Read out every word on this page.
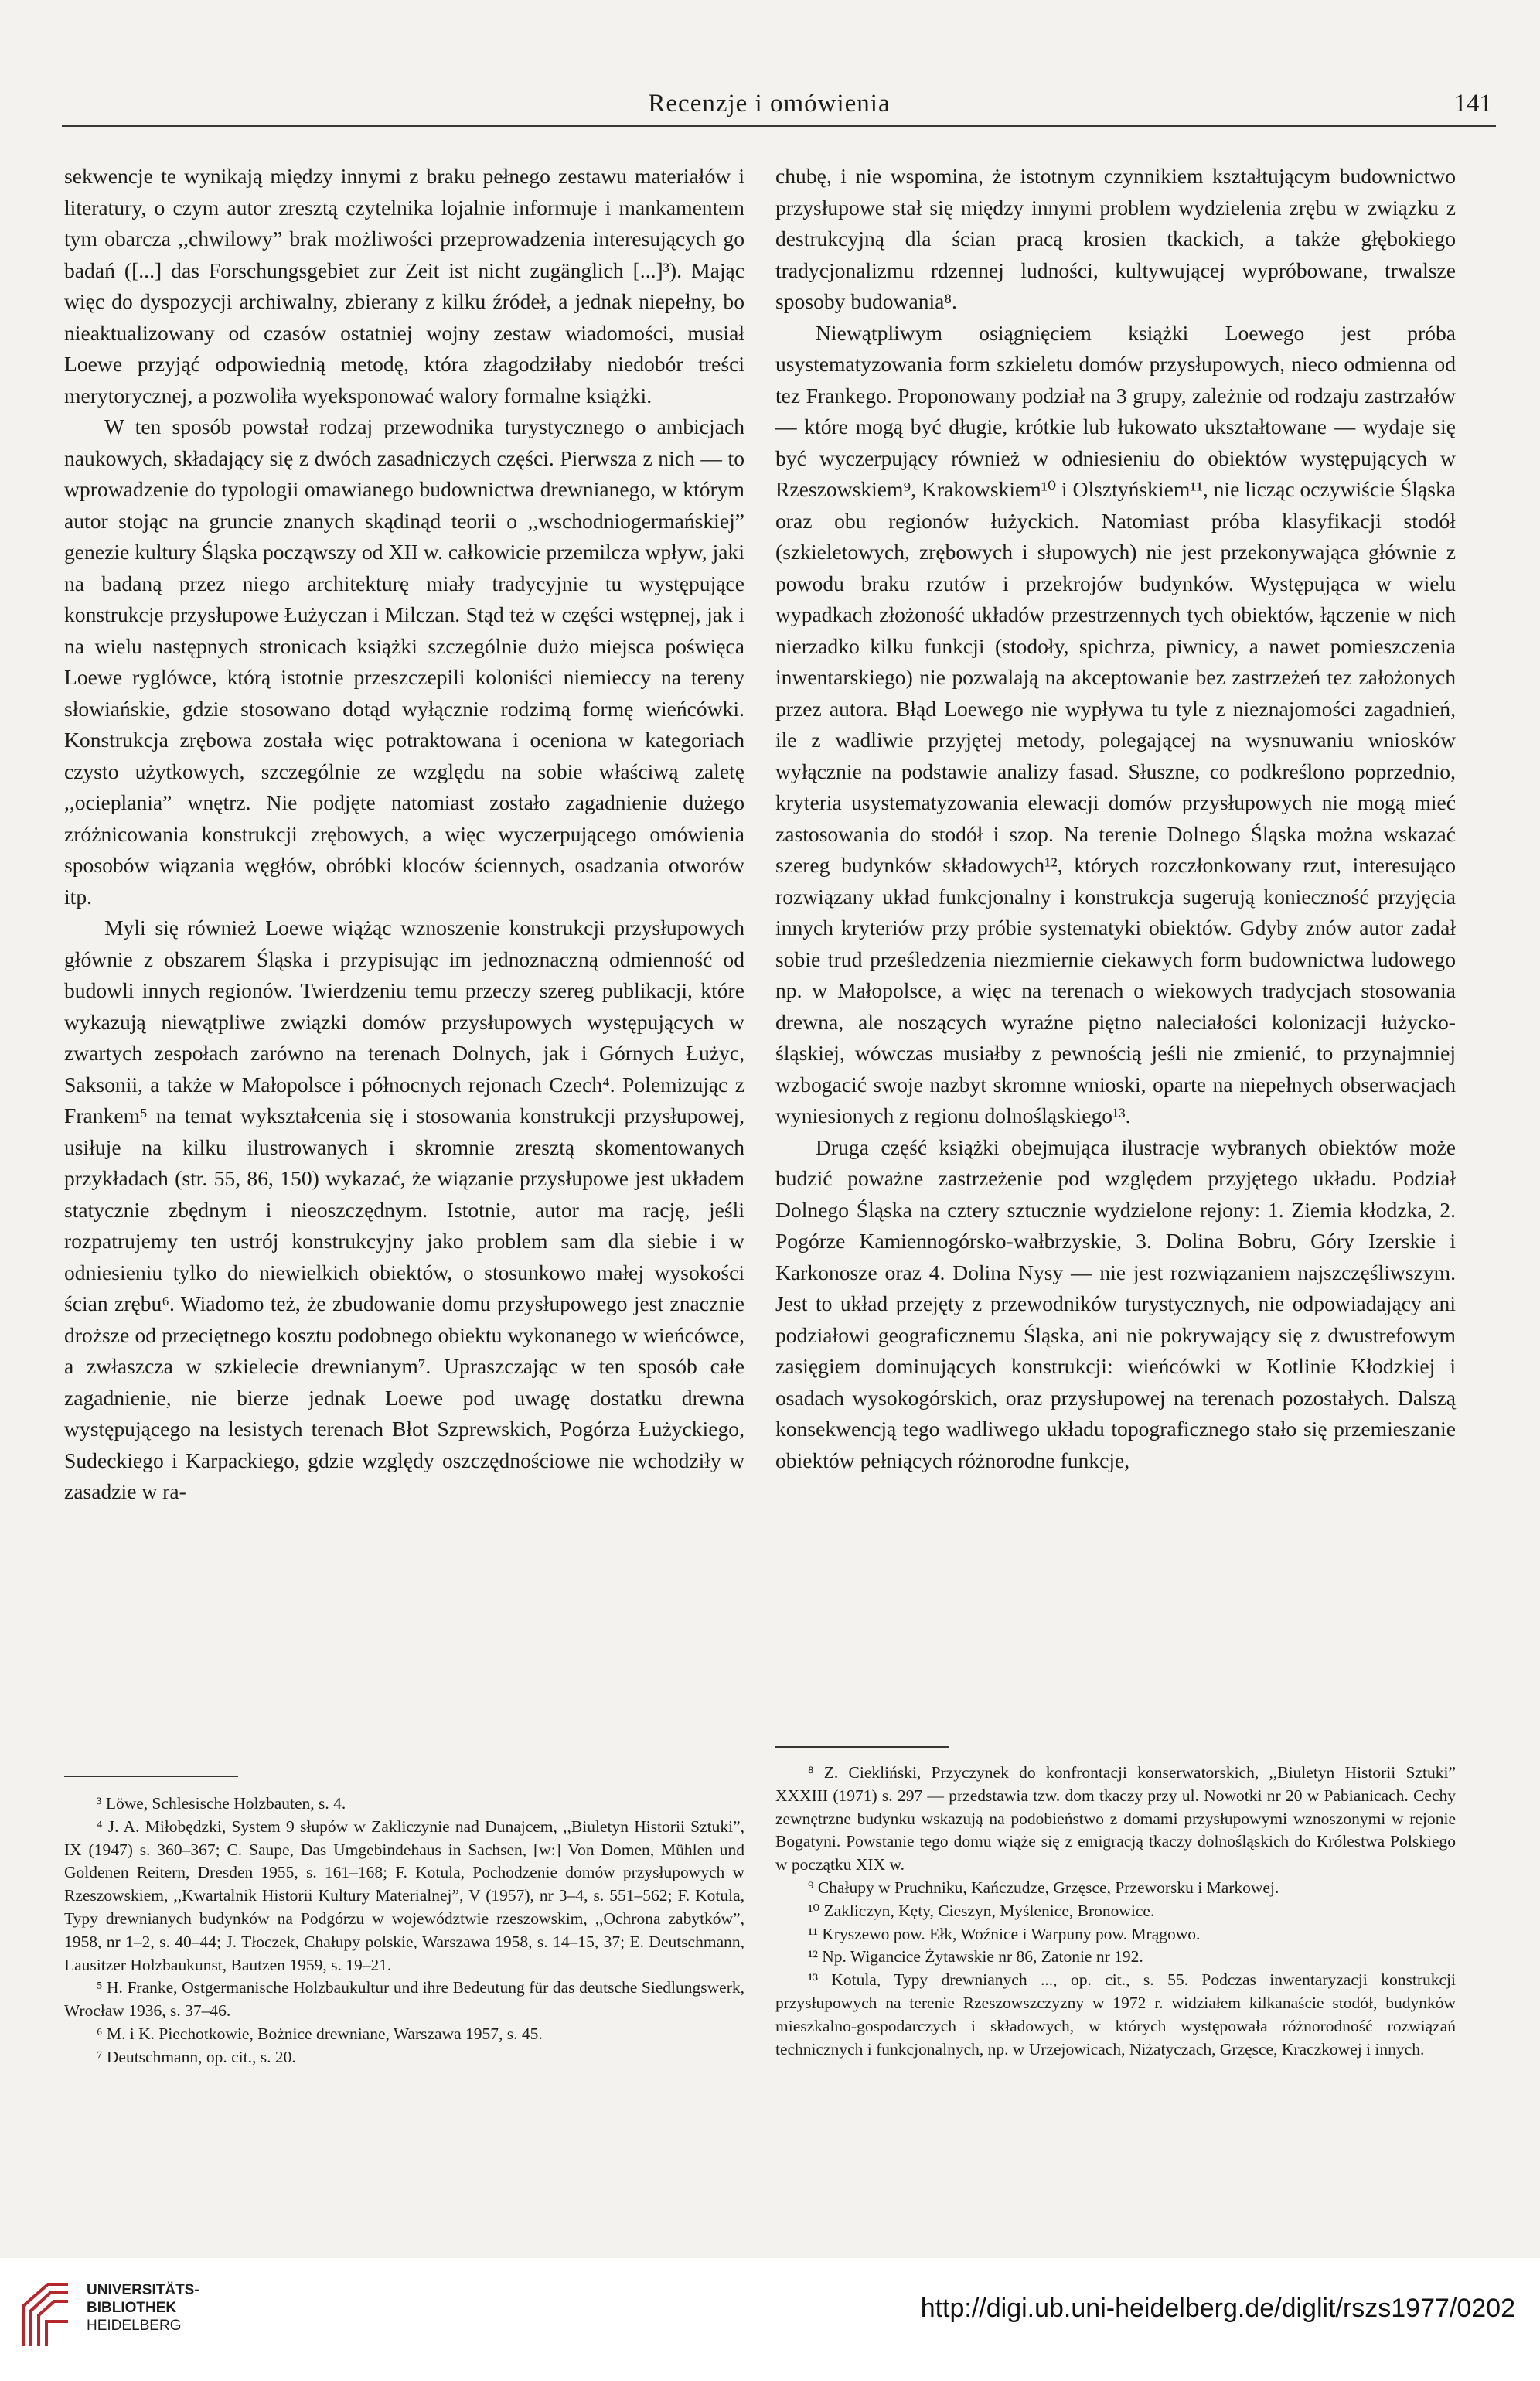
Recenzje i omówienia	141

sekwencje te wynikają między innymi z braku pełnego zestawu materiałów i literatury, o czym autor zresztą czytelnika lojalnie informuje i mankamentem tym obarcza ,,chwilowy” brak możliwości przeprowadzenia interesujących go badań ([...] das Forschungsgebiet zur Zeit ist nicht zugänglich [...]³). Mając więc do dyspozycji archiwalny, zbierany z kilku źródeł, a jednak niepełny, bo nieaktualizowany od czasów ostatniej wojny zestaw wiadomości, musiał Loewe przyjąć odpowiednią metodę, która złagodziłaby niedobór treści merytorycznej, a pozwoliła wyeksponować walory formalne książki.

W ten sposób powstał rodzaj przewodnika turystycznego o ambicjach naukowych, składający się z dwóch zasadniczych części. Pierwsza z nich — to wprowadzenie do typologii omawianego budownictwa drewnianego, w którym autor stojąc na gruncie znanych skądinąd teorii o ,,wschodniogermańskiej” genezie kultury Śląska począwszy od XII w. całkowicie przemilcza wpływ, jaki na badaną przez niego architekturę miały tradycyjnie tu występujące konstrukcje przysłupowe Łużyczan i Milczan. Stąd też w części wstępnej, jak i na wielu następnych stronicach książki szczególnie dużo miejsca poświęca Loewe ryglówce, którą istotnie przeszczepili koloniści niemieccy na tereny słowiańskie, gdzie stosowano dotąd wyłącznie rodzimą formę wieńcówki. Konstrukcja zrębowa została więc potraktowana i oceniona w kategoriach czysto użytkowych, szczególnie ze względu na sobie właściwą zaletę ,,ocieplania” wnętrz. Nie podjęte natomiast zostało zagadnienie dużego zróżnicowania konstrukcji zrębowych, a więc wyczerpującego omówienia sposobów wiązania węgłów, obróbki kloców ściennych, osadzania otworów itp.

Myli się również Loewe wiążąc wznoszenie konstrukcji przysłupowych głównie z obszarem Śląska i przypisując im jednoznaczną odmienność od budowli innych regionów. Twierdzeniu temu przeczy szereg publikacji, które wykazują niewątpliwe związki domów przysłupowych występujących w zwartych zespołach zarówno na terenach Dolnych, jak i Górnych Łużyc, Saksonii, a także w Małopolsce i północnych rejonach Czech⁴. Polemizując z Frankem⁵ na temat wykształcenia się i stosowania konstrukcji przysłupowej, usiłuje na kilku ilustrowanych i skromnie zresztą skomentowanych przykładach (str. 55, 86, 150) wykazać, że wiązanie przysłupowe jest układem statycznie zbędnym i nieoszczędnym. Istotnie, autor ma rację, jeśli rozpatrujemy ten ustrój konstrukcyjny jako problem sam dla siebie i w odniesieniu tylko do niewielkich obiektów, o stosunkowo małej wysokości ścian zrębu⁶. Wiadomo też, że zbudowanie domu przysłupowego jest znacznie droższe od przeciętnego kosztu podobnego obiektu wykonanego w wieńcówce, a zwłaszcza w szkielecie drewnianym⁷. Upraszczając w ten sposób całe zagadnienie, nie bierze jednak Loewe pod uwagę dostatku drewna występującego na lesistych terenach Błot Szprewskich, Pogórza Łużyckiego, Sudeckiego i Karpackiego, gdzie względy oszczędnościowe nie wchodziły w zasadzie w ra-

chubę, i nie wspomina, że istotnym czynnikiem kształtującym budownictwo przysłupowe stał się między innymi problem wydzielenia zrębu w związku z destrukcyjną dla ścian pracą krosien tkackich, a także głębokiego tradycjonalizmu rdzennej ludności, kultywującej wypróbowane, trwalsze sposoby budowania⁸.

Niewątpliwym osiągnięciem książki Loewego jest próba usystematyzowania form szkieletu domów przysłupowych, nieco odmienna od tez Frankego. Proponowany podział na 3 grupy, zależnie od rodzaju zastrzałów — które mogą być długie, krótkie lub łukowato ukształtowane — wydaje się być wyczerpujący również w odniesieniu do obiektów występujących w Rzeszowskiem⁹, Krakowskiem¹⁰ i Olsztyńskiem¹¹, nie licząc oczywiście Śląska oraz obu regionów łużyckich. Natomiast próba klasyfikacji stodół (szkieletowych, zrębowych i słupowych) nie jest przekonywająca głównie z powodu braku rzutów i przekrojów budynków. Występująca w wielu wypadkach złożoność układów przestrzennych tych obiektów, łączenie w nich nierzadko kilku funkcji (stodoły, spichrza, piwnicy, a nawet pomieszczenia inwentarskiego) nie pozwalają na akceptowanie bez zastrzeżeń tez założonych przez autora. Błąd Loewego nie wypływa tu tyle z nieznajomości zagadnień, ile z wadliwie przyjętej metody, polegającej na wysnuwaniu wniosków wyłącznie na podstawie analizy fasad. Słuszne, co podkreślono poprzednio, kryteria usystematyzowania elewacji domów przysłupowych nie mogą mieć zastosowania do stodół i szop. Na terenie Dolnego Śląska można wskazać szereg budynków składowych¹², których rozczłonkowany rzut, interesująco rozwiązany układ funkcjonalny i konstrukcja sugerują konieczność przyjęcia innych kryteriów przy próbie systematyki obiektów. Gdyby znów autor zadał sobie trud prześledzenia niezmiernie ciekawych form budownictwa ludowego np. w Małopolsce, a więc na terenach o wiekowych tradycjach stosowania drewna, ale noszących wyraźne piętno naleciałości kolonizacji łużycko-śląskiej, wówczas musiałby z pewnością jeśli nie zmienić, to przynajmniej wzbogacić swoje nazbyt skromne wnioski, oparte na niepełnych obserwacjach wyniesionych z regionu dolnośląskiego¹³.

Druga część książki obejmująca ilustracje wybranych obiektów może budzić poważne zastrzeżenie pod względem przyjętego układu. Podział Dolnego Śląska na cztery sztucznie wydzielone rejony: 1. Ziemia kłodzka, 2. Pogórze Kamiennogórsko-wałbrzyskie, 3. Dolina Bobru, Góry Izerskie i Karkonosze oraz 4. Dolina Nysy — nie jest rozwiązaniem najszczęśliwszym. Jest to układ przejęty z przewodników turystycznych, nie odpowiadający ani podziałowi geograficznemu Śląska, ani nie pokrywający się z dwustrefowym zasięgiem dominujących konstrukcji: wieńcówki w Kotlinie Kłodzkiej i osadach wysokogórskich, oraz przysłupowej na terenach pozostałych. Dalszą konsekwencją tego wadliwego układu topograficznego stało się przemieszanie obiektów pełniących różnorodne funkcje,

³ Löwe, Schlesische Holzbauten, s. 4.

⁴ J. A. Miłobędzki, System 9 słupów w Zakliczynie nad Dunajcem, ,,Biuletyn Historii Sztuki”, IX (1947) s. 360–367; C. Saupe, Das Umgebindehaus in Sachsen, [w:] Von Domen, Mühlen und Goldenen Reitern, Dresden 1955, s. 161–168; F. Kotula, Pochodzenie domów przysłupowych w Rzeszowskiem, ,,Kwartalnik Historii Kultury Materialnej”, V (1957), nr 3–4, s. 551–562; F. Kotula, Typy drewnianych budynków na Podgórzu w województwie rzeszowskim, ,,Ochrona zabytków”, 1958, nr 1–2, s. 40–44; J. Tłoczek, Chałupy polskie, Warszawa 1958, s. 14–15, 37; E. Deutschmann, Lausitzer Holzbaukunst, Bautzen 1959, s. 19–21.

⁵ H. Franke, Ostgermanische Holzbaukultur und ihre Bedeutung für das deutsche Siedlungswerk, Wrocław 1936, s. 37–46.

⁶ M. i K. Piechotkowie, Bożnice drewniane, Warszawa 1957, s. 45.

⁷ Deutschmann, op. cit., s. 20.

⁸ Z. Ciekliński, Przyczynek do konfrontacji konserwatorskich, ,,Biuletyn Historii Sztuki” XXXIII (1971) s. 297 — przedstawia tzw. dom tkaczy przy ul. Nowotki nr 20 w Pabianicach. Cechy zewnętrzne budynku wskazują na podobieństwo z domami przysłupowymi wznoszonymi w rejonie Bogatyni. Powstanie tego domu wiąże się z emigracją tkaczy dolnośląskich do Królestwa Polskiego w początku XIX w.

⁹ Chałupy w Pruchniku, Kańczudze, Grzęsce, Przeworsku i Markowej.

¹⁰ Zakliczyn, Kęty, Cieszyn, Myślenice, Bronowice.

¹¹ Kryszewo pow. Ełk, Woźnice i Warpuny pow. Mrągowo.

¹² Np. Wigancice Żytawskie nr 86, Zatonie nr 192.

¹³ Kotula, Typy drewnianych ..., op. cit., s. 55. Podczas inwentaryzacji konstrukcji przysłupowych na terenie Rzeszowszczyzny w 1972 r. widziałem kilkanaście stodół, budynków mieszkalno-gospodarczych i składowych, w których występowała różnorodność rozwiązań technicznych i funkcjonalnych, np. w Urzejowicach, Niżatyczach, Grzęsce, Kraczkowej i innych.

UNIVERSITÄTS-
BIBLIOTHEK
HEIDELBERG
http://digi.ub.uni-heidelberg.de/diglit/rszs1977/0202
